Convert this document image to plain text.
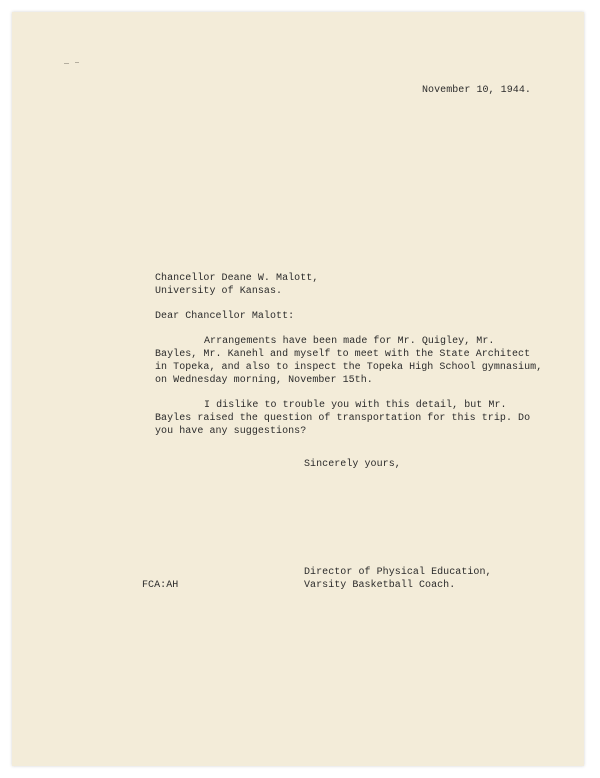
November 10, 1944.
Chancellor Deane W. Malott,
University of Kansas.
Dear Chancellor Malott:
Arrangements have been made for Mr. Quigley, Mr.
Bayles, Mr. Kanehl and myself to meet with the State Architect
in Topeka, and also to inspect the Topeka High School gymnasium,
on Wednesday morning, November 15th.
I dislike to trouble you with this detail, but Mr.
Bayles raised the question of transportation for this trip. Do
you have any suggestions?
Sincerely yours,
Director of Physical Education,
Varsity Basketball Coach.
FCA:AH
